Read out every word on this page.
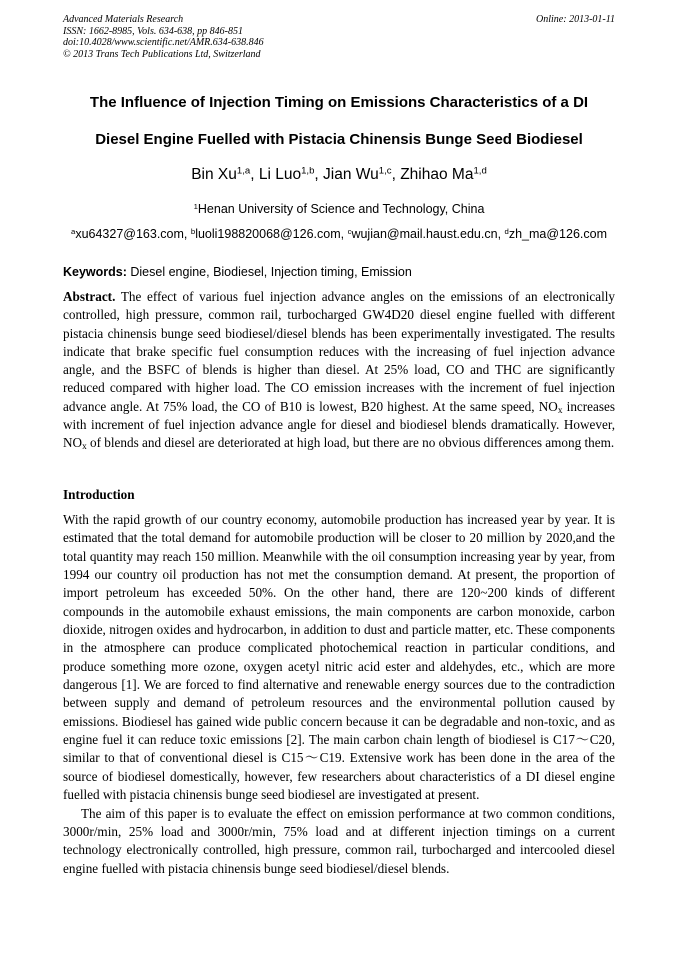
Advanced Materials Research
ISSN: 1662-8985, Vols. 634-638, pp 846-851
doi:10.4028/www.scientific.net/AMR.634-638.846
© 2013 Trans Tech Publications Ltd, Switzerland
Online: 2013-01-11
The Influence of Injection Timing on Emissions Characteristics of a DI
Diesel Engine Fuelled with Pistacia Chinensis Bunge Seed Biodiesel
Bin Xu$^{1,a}$, Li Luo$^{1,b}$, Jian Wu$^{1,c}$, Zhihao Ma$^{1,d}$
$^1$Henan University of Science and Technology, China
$^a$xu64327@163.com, $^b$luoli198820068@126.com, $^c$wujian@mail.haust.edu.cn, $^d$zh_ma@126.com
Keywords: Diesel engine, Biodiesel, Injection timing, Emission
Abstract. The effect of various fuel injection advance angles on the emissions of an electronically controlled, high pressure, common rail, turbocharged GW4D20 diesel engine fuelled with different pistacia chinensis bunge seed biodiesel/diesel blends has been experimentally investigated. The results indicate that brake specific fuel consumption reduces with the increasing of fuel injection advance angle, and the BSFC of blends is higher than diesel. At 25% load, CO and THC are significantly reduced compared with higher load. The CO emission increases with the increment of fuel injection advance angle. At 75% load, the CO of B10 is lowest, B20 highest. At the same speed, $NO_x$ increases with increment of fuel injection advance angle for diesel and biodiesel blends dramatically. However, $NO_x$ of blends and diesel are deteriorated at high load, but there are no obvious differences among them.
Introduction

With the rapid growth of our country economy, automobile production has increased year by year. It is estimated that the total demand for automobile production will be closer to 20 million by 2020,and the total quantity may reach 150 million. Meanwhile with the oil consumption increasing year by year, from 1994 our country oil production has not met the consumption demand. At present, the proportion of import petroleum has exceeded 50%. On the other hand, there are 120~200 kinds of different compounds in the automobile exhaust emissions, the main components are carbon monoxide, carbon dioxide, nitrogen oxides and hydrocarbon, in addition to dust and particle matter, etc. These components in the atmosphere can produce complicated photochemical reaction in particular conditions, and produce something more ozone, oxygen acetyl nitric acid ester and aldehydes, etc., which are more dangerous [1]. We are forced to find alternative and renewable energy sources due to the contradiction between supply and demand of petroleum resources and the environmental pollution caused by emissions. Biodiesel has gained wide public concern because it can be degradable and non-toxic, and as engine fuel it can reduce toxic emissions [2]. The main carbon chain length of biodiesel is C17～C20, similar to that of conventional diesel is C15～C19. Extensive work has been done in the area of the source of biodiesel domestically, however, few researchers about characteristics of a DI diesel engine fuelled with pistacia chinensis bunge seed biodiesel are investigated at present.

The aim of this paper is to evaluate the effect on emission performance at two common conditions, 3000r/min, 25% load and 3000r/min, 75% load and at different injection timings on a current technology electronically controlled, high pressure, common rail, turbocharged and intercooled diesel engine fuelled with pistacia chinensis bunge seed biodiesel/diesel blends.
